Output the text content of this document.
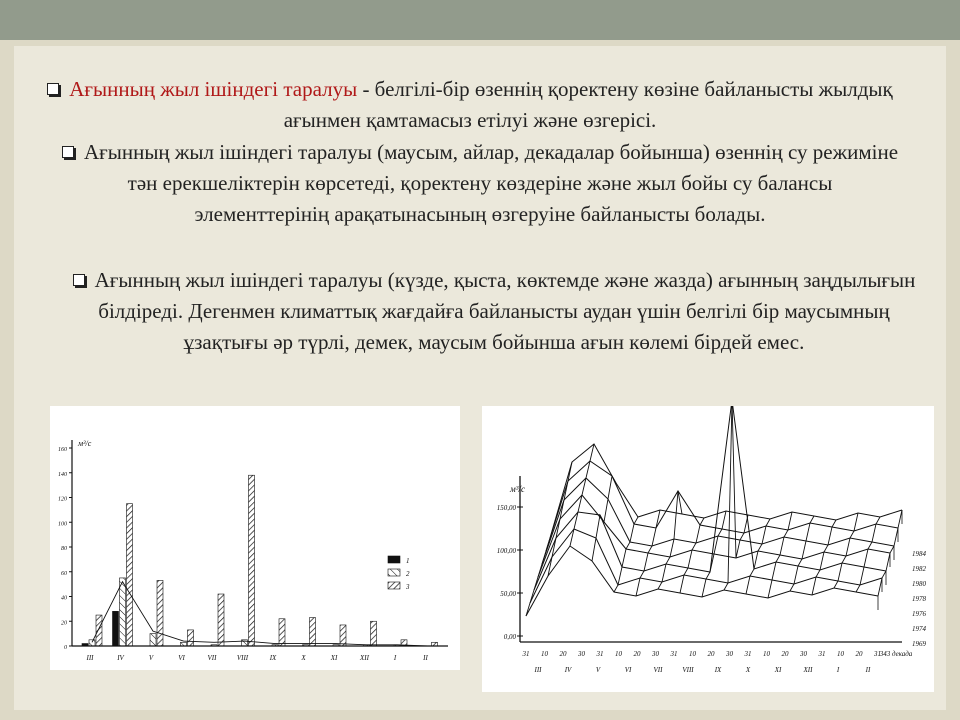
Ағынның жыл ішіндегі таралуы - белгілі-бір өзеннің қоректену көзіне байланысты жылдық ағынмен қамтамасыз етілуі және өзгерісі.
Ағынның жыл ішіндегі таралуы (маусым, айлар, декадалар бойынша) өзеннің су режиміне тән ерекшеліктерін көрсетеді, қоректену көздеріне және жыл бойы су балансы элементтерінің арақатынасының өзгеруіне байланысты болады.
Ағынның жыл ішіндегі таралуы (күзде, қыста, көктемде және жазда) ағынның заңдылығын білдіреді. Дегенмен климаттық жағдайға байланысты аудан үшін белгілі бір маусымның ұзақтығы әр түрлі, демек, маусым бойынша ағын көлемі бірдей емес.
0
20
40
60
80
100
120
140
160
м³/с
III	IV	V	VI	VII	VIII	IX	X	XI	XII	I	II
1
2
3
м³/с
0,00
50,00
100,00
150,00
1984
1982
1980
1978
1976
1974
1969
31 10 20 30 31 10 20 30 31 10 20 30 31 10 20 30 31 10 20 31
343 декада
III	IV	V	VI	VII	VIII	IX	X	XI	XII	I	II
